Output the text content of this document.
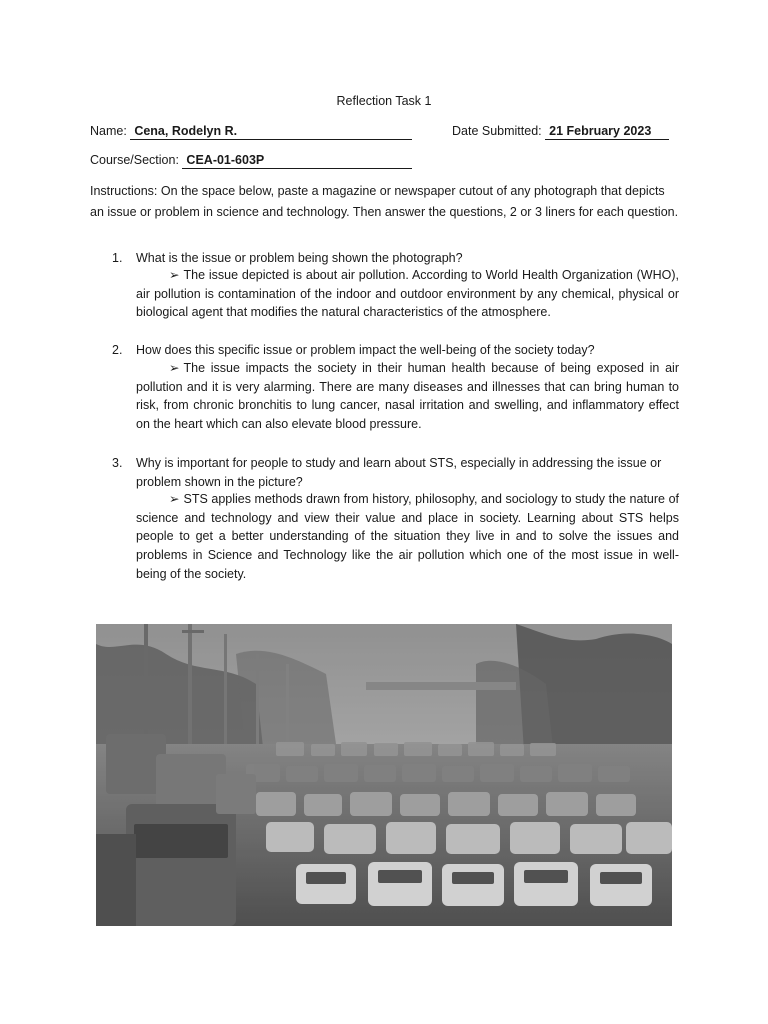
Reflection Task 1
Name: Cena, Rodelyn R.	Date Submitted: 21 February 2023
Course/Section: CEA-01-603P
Instructions: On the space below, paste a magazine or newspaper cutout of any photograph that depicts an issue or problem in science and technology. Then answer the questions, 2 or 3 liners for each question.
1. What is the issue or problem being shown the photograph?
➢ The issue depicted is about air pollution. According to World Health Organization (WHO), air pollution is contamination of the indoor and outdoor environment by any chemical, physical or biological agent that modifies the natural characteristics of the atmosphere.
2. How does this specific issue or problem impact the well-being of the society today?
➢ The issue impacts the society in their human health because of being exposed in air pollution and it is very alarming. There are many diseases and illnesses that can bring human to risk, from chronic bronchitis to lung cancer, nasal irritation and swelling, and inflammatory effect on the heart which can also elevate blood pressure.
3. Why is important for people to study and learn about STS, especially in addressing the issue or problem shown in the picture?
➢ STS applies methods drawn from history, philosophy, and sociology to study the nature of science and technology and view their value and place in society. Learning about STS helps people to get a better understanding of the situation they live in and to solve the issues and problems in Science and Technology like the air pollution which one of the most issue in well-being of the society.
